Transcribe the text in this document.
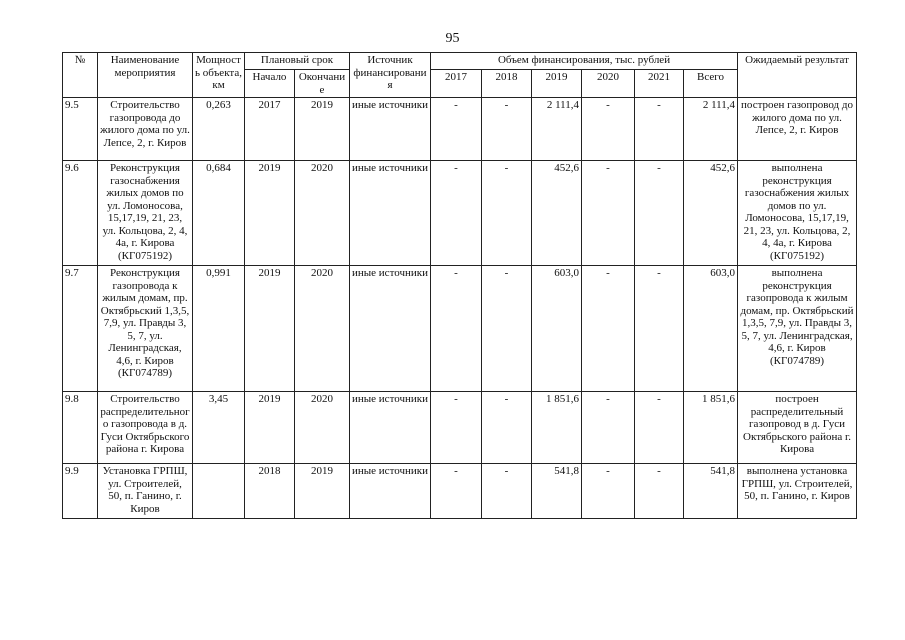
95
№	Наименование мероприятия	Мощность объекта, км	Плановый срок		Источник финансирования	Объем финансирования, тыс. рублей						Ожидаемый результат
			Начало	Окончание		2017	2018	2019	2020	2021	Всего	
9.5	Строительство газопровода до жилого дома по ул. Лепсе, 2, г. Киров	0,263	2017	2019	иные источники	-	-	2 111,4	-	-	2 111,4	построен газопровод до жилого дома по ул. Лепсе, 2, г. Киров
9.6	Реконструкция газоснабжения жилых домов по ул. Ломоносова, 15,17,19, 21, 23, ул. Кольцова, 2, 4, 4а, г. Кирова (КГ075192)	0,684	2019	2020	иные источники	-	-	452,6	-	-	452,6	выполнена реконструкция газоснабжения жилых домов по ул. Ломоносова, 15,17,19, 21, 23, ул. Кольцова, 2, 4, 4а, г. Кирова (КГ075192)
9.7	Реконструкция газопровода к жилым домам, пр. Октябрьский 1,3,5, 7,9, ул. Правды 3, 5, 7, ул. Ленинградская, 4,6, г. Киров (КГ074789)	0,991	2019	2020	иные источники	-	-	603,0	-	-	603,0	выполнена реконструкция газопровода к жилым домам, пр. Октябрьский 1,3,5, 7,9, ул. Правды 3, 5, 7, ул. Ленинградская, 4,6, г. Киров (КГ074789)
9.8	Строительство распределительного газопровода в д. Гуси Октябрьского района г. Кирова	3,45	2019	2020	иные источники	-	-	1 851,6	-	-	1 851,6	построен распределительный газопровод в д. Гуси Октябрьского района г. Кирова
9.9	Установка ГРПШ, ул. Строителей, 50, п. Ганино, г. Киров		2018	2019	иные источники	-	-	541,8	-	-	541,8	выполнена установка ГРПШ, ул. Строителей, 50, п. Ганино, г. Киров
